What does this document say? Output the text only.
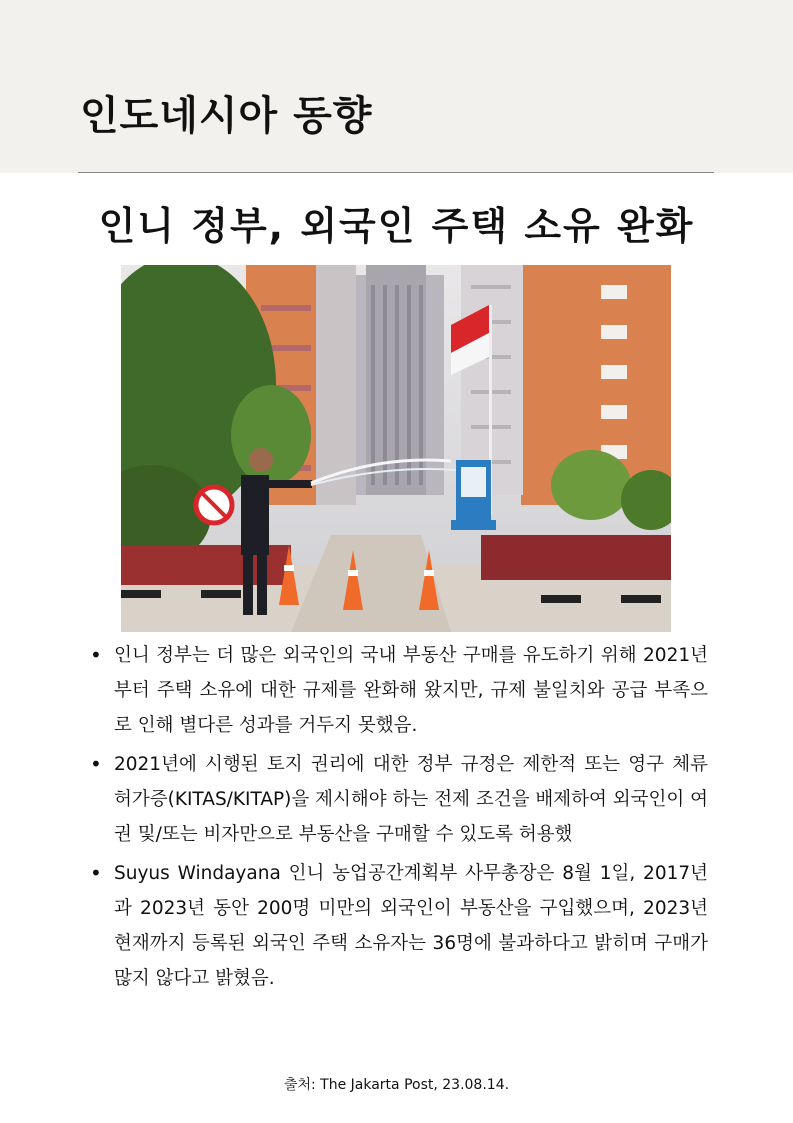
인도네시아 동향
인니 정부, 외국인 주택 소유 완화
• 인니 정부는 더 많은 외국인의 국내 부동산 구매를 유도하기 위해 2021년부터 주택 소유에 대한 규제를 완화해 왔지만, 규제 불일치와 공급 부족으로 인해 별다른 성과를 거두지 못했음.
• 2021년에 시행된 토지 권리에 대한 정부 규정은 제한적 또는 영구 체류 허가증(KITAS/KITAP)을 제시해야 하는 전제 조건을 배제하여 외국인이 여권 및/또는 비자만으로 부동산을 구매할 수 있도록 허용했
• Suyus Windayana 인니 농업공간계획부 사무총장은 8월 1일, 2017년과 2023년 동안 200명 미만의 외국인이 부동산을 구입했으며, 2023년 현재까지 등록된 외국인 주택 소유자는 36명에 불과하다고 밝히며 구매가 많지 않다고 밝혔음.
출처: The Jakarta Post, 23.08.14.
